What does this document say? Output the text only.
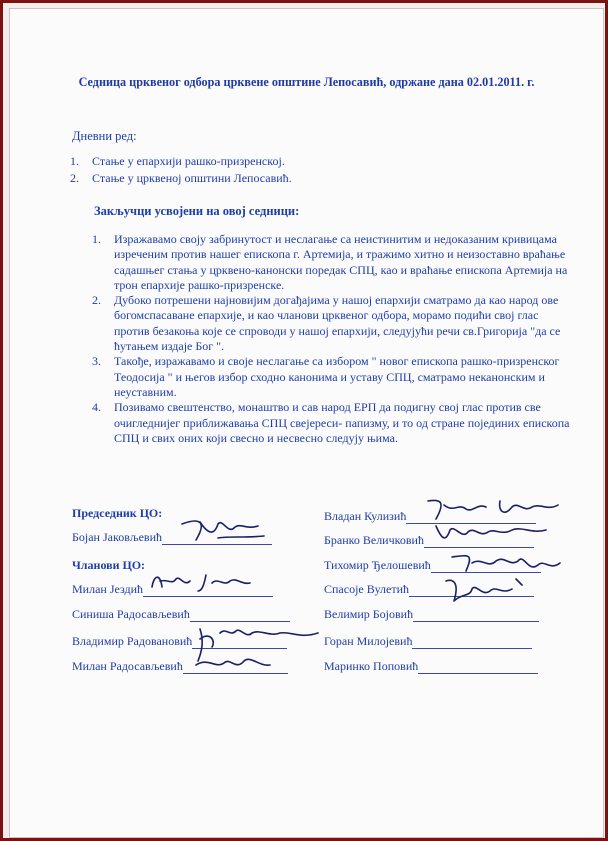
Седница црквеног одбора црквене општине Лепосавић, одржане дана 02.01.2011. г.
Дневни ред:
1.	Стање у епархији рашко-призренској.
2.	Стање у црквеној општини Лепосавић.
Закључци усвојени на овој седници:
1.	Изражавамо своју забринутост и неслагање са неистинитим и недоказаним кривицама изреченим против нашег епископа г. Артемија, и тражимо хитно и неизоставно враћање садашњег стања у црквено-канонски поредак СПЦ, као и враћање епископа Артемија на трон епархије рашко-призренске.
2.	Дубоко потрешени најновијим догађајима у нашој епархији сматрамо да као народ ове богомспасаване епархије, и као чланови црквеног одбора, морамо подићи свој глас против безакоња које се спроводи у нашој епархији, следујући речи св.Григорија "да се ћутањем издаје Бог ".
3.	Такође, изражавамо и своје неслагање са избором " новог епископа рашко-призренског Теодосија " и његов избор сходно канонима и уставу СПЦ, сматрамо неканонским и неуставним.
4.	Позивамо свештенство, монаштво и сав народ ЕРП да подигну свој глас против све очигледнијег приближавања СПЦ свејереси- папизму, и то од стране појединих епископа СПЦ и свих оних који свесно и несвесно следују њима.
Председник ЦО:
Бојан Јаковљевић
Чланови ЦО:
Милан Јездић
Синиша Радосављевић
Владимир Радовановић
Милан Радосављевић
Владан Кулизић
Бранко Величковић
Тихомир Ђелошевић
Спасоје Вулетић
Велимир Бојовић
Горан Милојевић
Маринко Поповић
